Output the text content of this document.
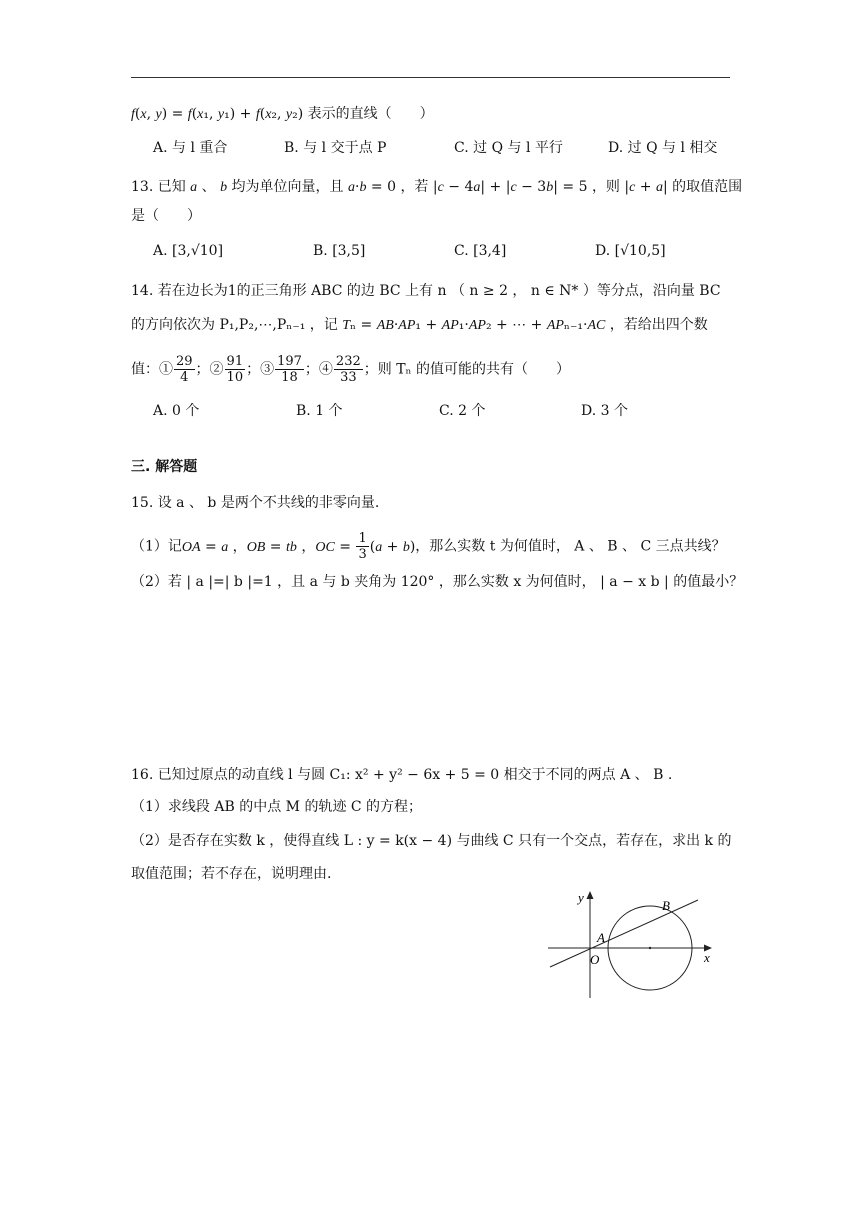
f(x, y) = f(x₁, y₁) + f(x₂, y₂) 表示的直线（　　）
A. 与 l 重合	B. 与 l 交于点 P	C. 过 Q 与 l 平行	D. 过 Q 与 l 相交
13. 已知 a 、 b 均为单位向量，且 a·b = 0 ，若 |c − 4a| + |c − 3b| = 5 ，则 |c + a| 的取值范围
是（　　）
A. [3,√10]	B. [3,5]	C. [3,4]	D. [√10,5]
14. 若在边长为1的正三角形 ABC 的边 BC 上有 n （ n ≥ 2 ， n ∈ N* ）等分点，沿向量 BC
的方向依次为 P₁,P₂,⋯,Pₙ₋₁ ，记 Tₙ = AB·AP₁ + AP₁·AP₂ + ⋯ + APₙ₋₁·AC ，若给出四个数
值：① $\frac{29}{4}$ ；② $\frac{91}{10}$ ；③ $\frac{197}{18}$ ；④ $\frac{232}{33}$ ；则 Tₙ 的值可能的共有（　　）
A. 0 个	B. 1 个	C. 2 个	D. 3 个
三. 解答题
15. 设 a 、 b 是两个不共线的非零向量.
（1）记OA = a ，OB = tb ，OC = $\frac{1}{3} (a + b)$，那么实数 t 为何值时， A 、 B 、 C 三点共线？
（2）若 | a |=| b |=1 ，且 a 与 b 夹角为 120° ，那么实数 x 为何值时， | a − x b | 的值最小？
16. 已知过原点的动直线 l 与圆 C₁: x² + y² − 6x + 5 = 0 相交于不同的两点 A 、 B .
（1）求线段 AB 的中点 M 的轨迹 C 的方程；
（2）是否存在实数 k ，使得直线 L : y = k(x − 4) 与曲线 C 只有一个交点，若存在，求出 k 的
取值范围；若不存在，说明理由.
y
x
O
A
B
